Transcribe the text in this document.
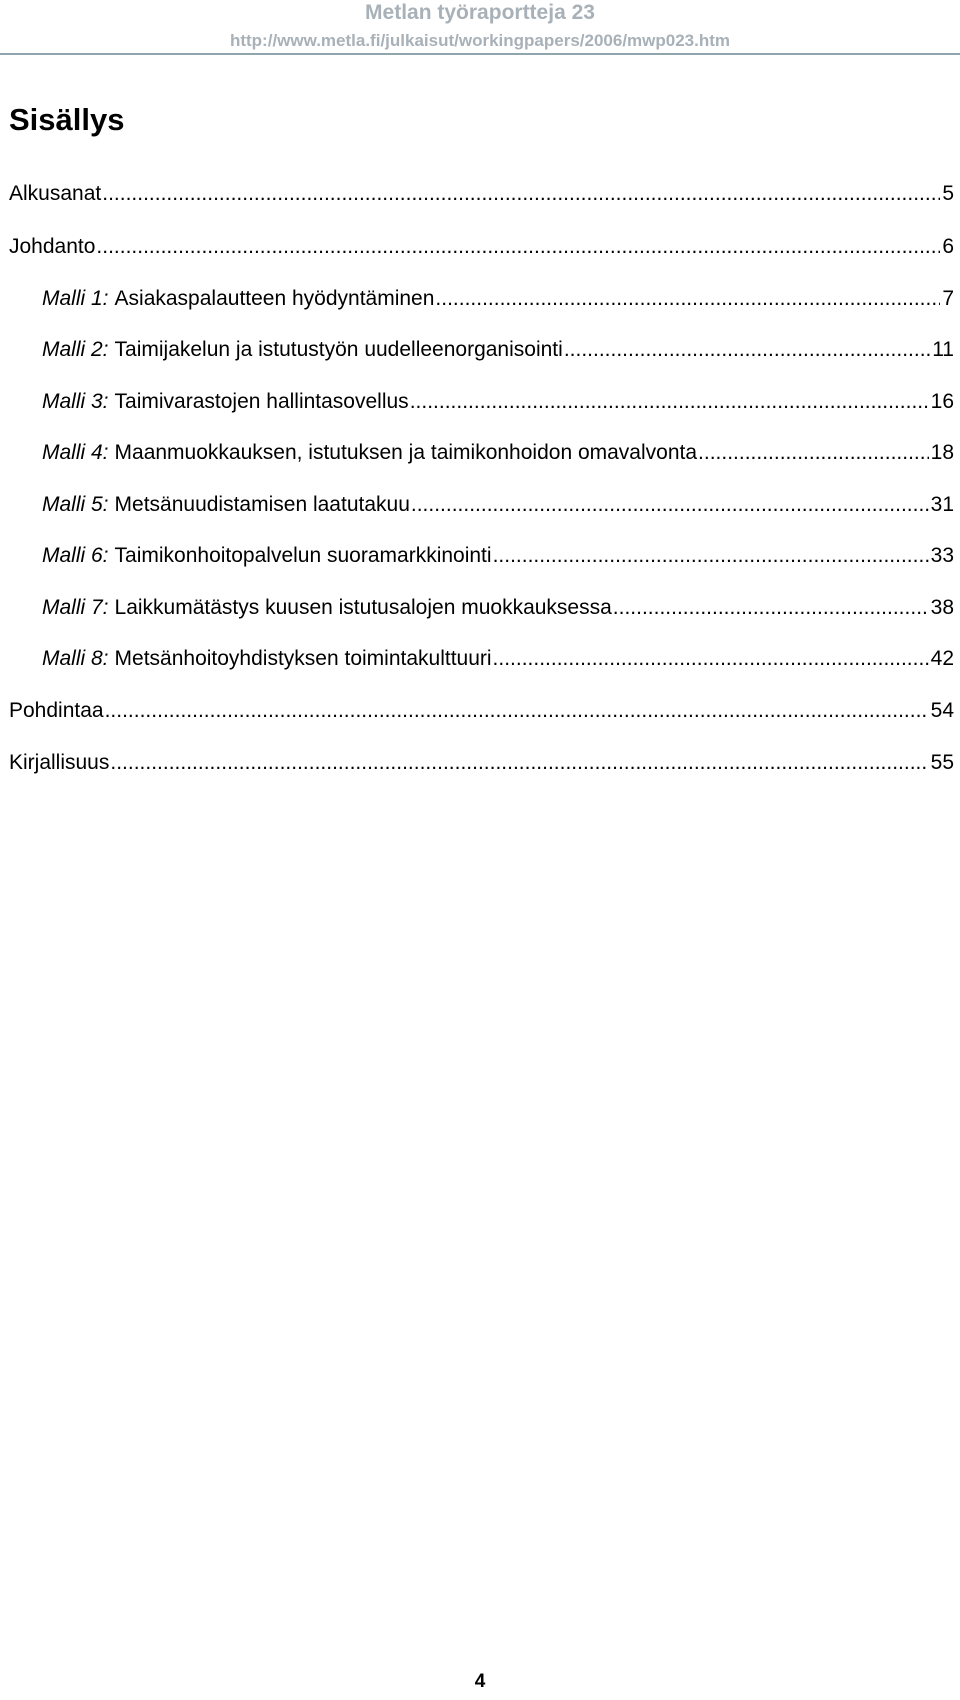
Metlan työraportteja 23
http://www.metla.fi/julkaisut/workingpapers/2006/mwp023.htm
Sisällys
Alkusanat .....	5
Johdanto .....	6
Malli 1: Asiakaspalautteen hyödyntäminen .....	7
Malli 2: Taimijakelun ja istutustyön uudelleenorganisointi .....	11
Malli 3: Taimivarastojen hallintasovellus .....	16
Malli 4: Maanmuokkauksen, istutuksen ja taimikonhoidon omavalvonta .....	18
Malli 5: Metsänuudistamisen laatutakuu .....	31
Malli 6: Taimikonhoitopalvelun suoramarkkinointi .....	33
Malli 7: Laikkumätästys kuusen istutusalojen muokkauksessa .....	38
Malli 8: Metsänhoitoyhdistyksen toimintakulttuuri .....	42
Pohdintaa .....	54
Kirjallisuus .....	55
4
